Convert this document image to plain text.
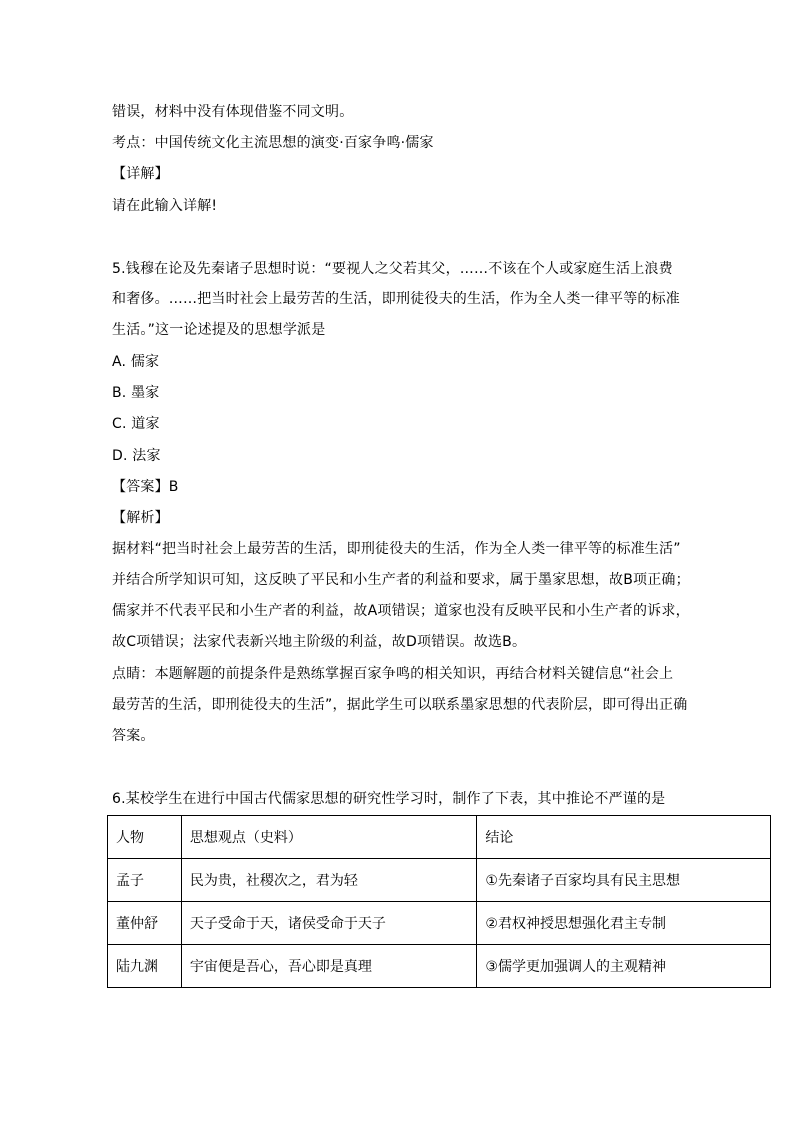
错误，材料中没有体现借鉴不同文明。
考点：中国传统文化主流思想的演变·百家争鸣·儒家
【详解】
请在此输入详解!
5.钱穆在论及先秦诸子思想时说：“要视人之父若其父，……不该在个人或家庭生活上浪费
和奢侈。……把当时社会上最劳苦的生活，即刑徒役夫的生活，作为全人类一律平等的标准
生活。”这一论述提及的思想学派是
A. 儒家
B. 墨家
C. 道家
D. 法家
【答案】B
【解析】
据材料“把当时社会上最劳苦的生活，即刑徒役夫的生活，作为全人类一律平等的标准生活”
并结合所学知识可知，这反映了平民和小生产者的利益和要求，属于墨家思想，故B项正确；
儒家并不代表平民和小生产者的利益，故A项错误；道家也没有反映平民和小生产者的诉求，
故C项错误；法家代表新兴地主阶级的利益，故D项错误。故选B。
点睛：本题解题的前提条件是熟练掌握百家争鸣的相关知识，再结合材料关键信息“社会上
最劳苦的生活，即刑徒役夫的生活”，据此学生可以联系墨家思想的代表阶层，即可得出正确
答案。
6.某校学生在进行中国古代儒家思想的研究性学习时，制作了下表，其中推论不严谨的是
人物	思想观点（史料）	结论
孟子	民为贵，社稷次之，君为轻	①先秦诸子百家均具有民主思想
董仲舒	天子受命于天，诸侯受命于天子	②君权神授思想强化君主专制
陆九渊	宇宙便是吾心，吾心即是真理	③儒学更加强调人的主观精神
